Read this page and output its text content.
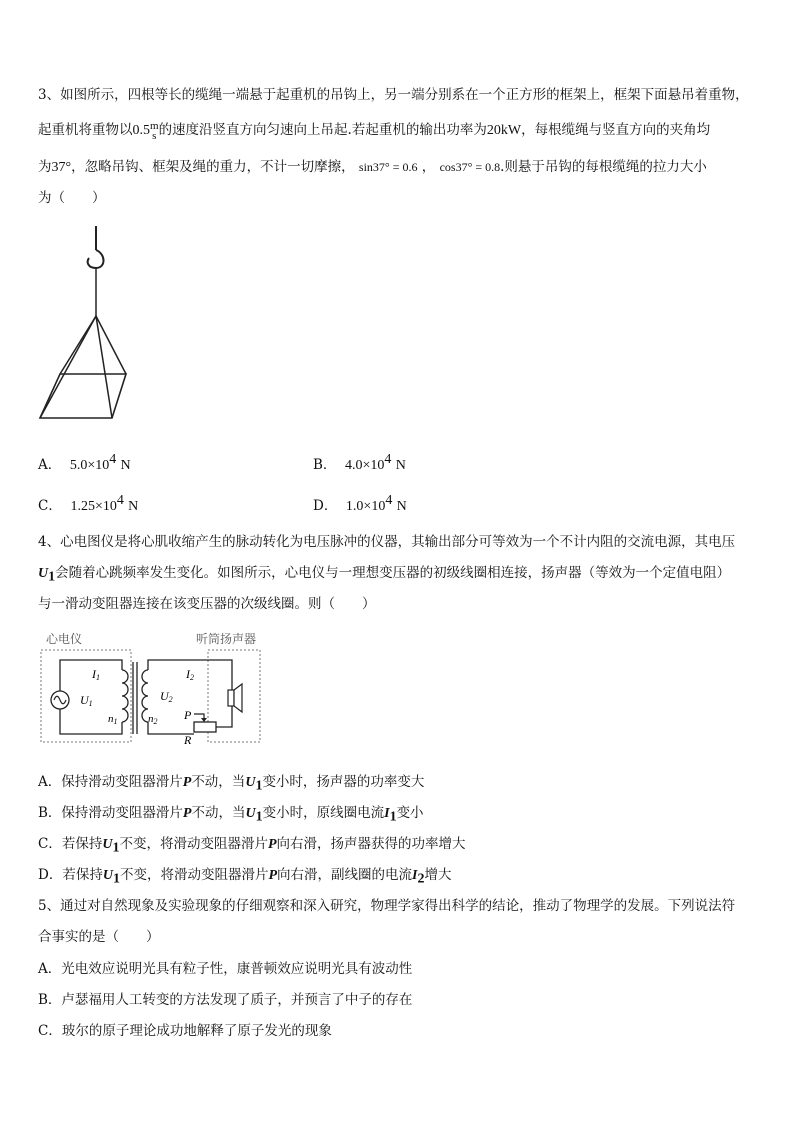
3、如图所示，四根等长的缆绳一端悬于起重机的吊钩上，另一端分别系在一个正方形的框架上，框架下面悬吊着重物，
起重机将重物以0.5 m
s 的速度沿竖直方向匀速向上吊起.若起重机的输出功率为20kW，每根缆绳与竖直方向的夹角均
为37°，忽略吊钩、框架及绳的重力，不计一切摩擦， sin37° = 0.6 ， cos37° = 0.8.则悬于吊钩的每根缆绳的拉力大小
为（　　）
A． $5.0\times 10^4$ N	B． $4.0\times 10^4$ N
C． $1.25\times 10^4$ N	D． $1.0\times 10^4$ N
4、心电图仪是将心肌收缩产生的脉动转化为电压脉冲的仪器，其输出部分可等效为一个不计内阻的交流电源，其电压
$U_1$会随着心跳频率发生变化。如图所示，心电仪与一理想变压器的初级线圈相连接，扬声器（等效为一个定值电阻）
与一滑动变阻器连接在该变压器的次级线圈。则（　　）
心电仪	听筒扬声器
I1
U1
n1
U2
n2
I2
P
R
A．保持滑动变阻器滑片P不动，当$U_1$变小时，扬声器的功率变大
B．保持滑动变阻器滑片P不动，当$U_1$变小时，原线圈电流$I_1$变小
C．若保持$U_1$不变，将滑动变阻器滑片P向右滑，扬声器获得的功率增大
D．若保持$U_1$不变，将滑动变阻器滑片P向右滑，副线圈的电流$I_2$增大
5、通过对自然现象及实验现象的仔细观察和深入研究，物理学家得出科学的结论，推动了物理学的发展。下列说法符
合事实的是（　　）
A．光电效应说明光具有粒子性，康普顿效应说明光具有波动性
B．卢瑟福用人工转变的方法发现了质子，并预言了中子的存在
C．玻尔的原子理论成功地解释了原子发光的现象
